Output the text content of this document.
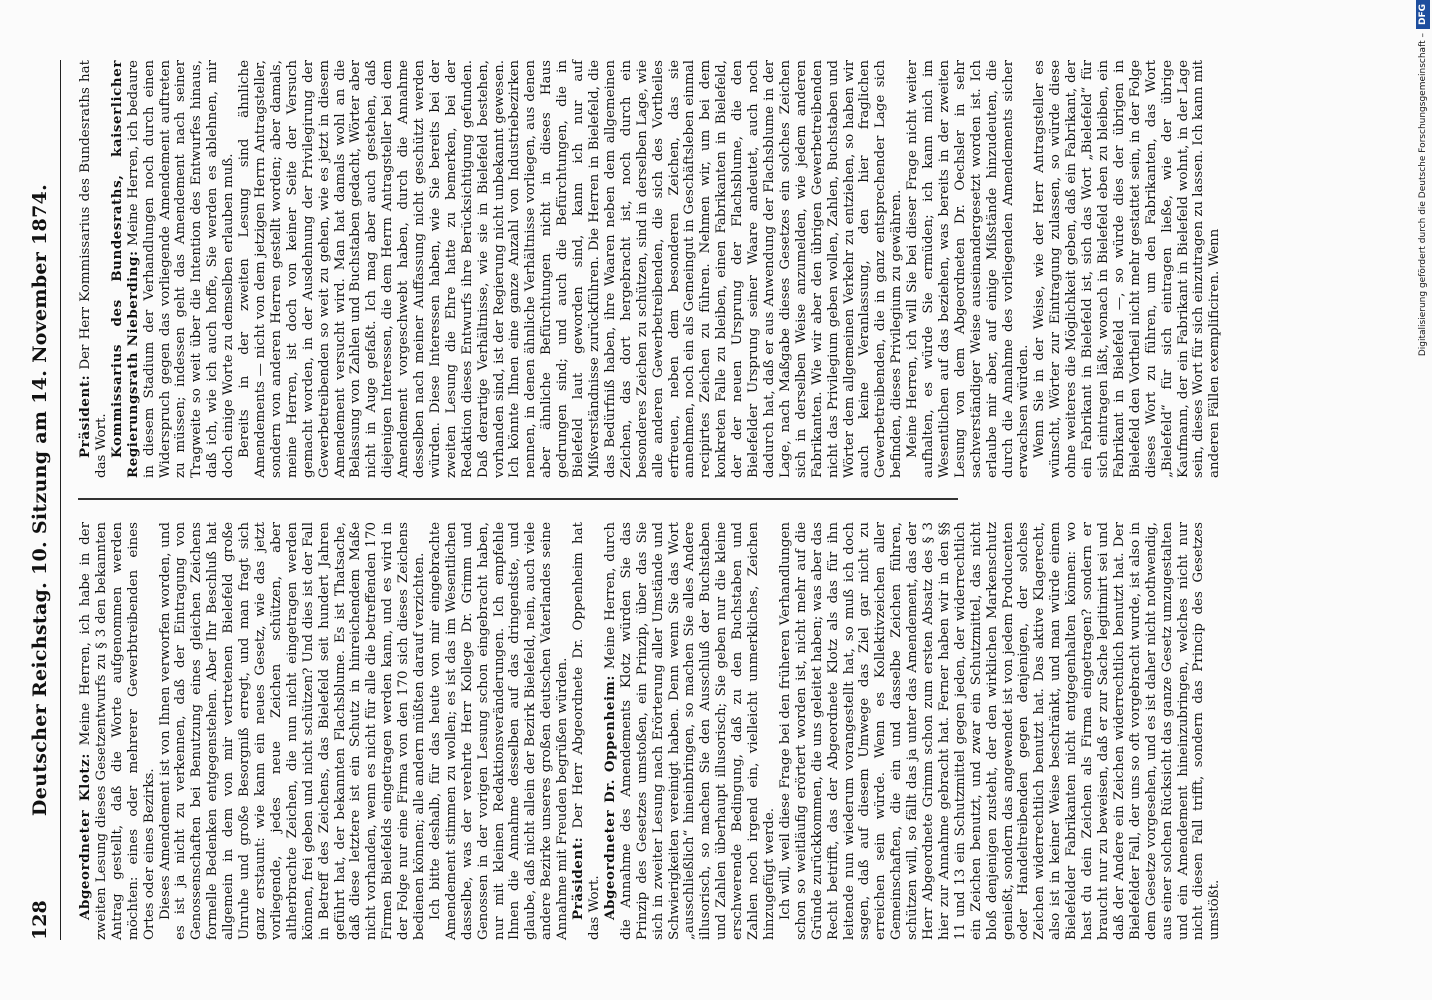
128
Deutscher Reichstag. 10. Sitzung am 14. November 1874.

Abgeordneter Klotz: Meine Herren, ich habe in der zweiten Lesung dieses Gesetzentwurfs zu § 3 den bekannten Antrag gestellt, daß die Worte aufgenommen werden möchten: eines oder mehrerer Gewerbtreibenden eines Ortes oder eines Bezirks. Dieses Amendement ist von Ihnen verworfen worden, und es ist ja nicht zu verkennen, daß der Eintragung von Genossenschaften bei Benutzung eines gleichen Zeichens formelle Bedenken entgegenstehen. Aber Ihr Beschluß hat allgemein in dem von mir vertretenen Bielefeld große Unruhe und große Besorgniß erregt, und man fragt sich ganz erstaunt: wie kann ein neues Gesetz, wie das jetzt vorliegende, jedes neue Zeichen schützen, aber altherbrachte Zeichen, die nun nicht eingetragen werden können, frei geben und nicht schützen? Und dies ist der Fall in Betreff des Zeichens, das Bielefeld seit hundert Jahren geführt hat, der bekannten Flachsblume. Es ist Thatsache, daß diese letztere ist ein Schutz in hinreichendem Maße nicht vorhanden, wenn es nicht für alle die betreffenden 170 Firmen Bielefelds eingetragen werden kann, und es wird in der Folge nur eine Firma von den 170 sich dieses Zeichens bedienen können; alle andern müßten darauf verzichten. Ich bitte deshalb, für das heute von mir eingebrachte Amendement stimmen zu wollen; es ist das im Wesentlichen dasselbe, was der verehrte Herr Kollege Dr. Grimm und Genossen in der vorigen Lesung schon eingebracht haben, nur mit kleinen Redaktionsveränderungen. Ich empfehle Ihnen die Annahme desselben auf das dringendste, und glaube, daß nicht allein der Bezirk Bielefeld, nein, auch viele andere Bezirke unseres großen deutschen Vaterlandes seine Annahme mit Freuden begrüßen würden. Präsident: Der Herr Abgeordnete Dr. Oppenheim hat das Wort. Abgeordneter Dr. Oppenheim: Meine Herren, durch die Annahme des Amendements Klotz würden Sie das Prinzip des Gesetzes umstoßen, ein Prinzip, über das Sie sich in zweiter Lesung nach Erörterung aller Umstände und Schwierigkeiten vereinigt haben. Denn wenn Sie das Wort „ausschließlich“ hineinbringen, so machen Sie alles Andere illusorisch, so machen Sie den Ausschluß der Buchstaben und Zahlen überhaupt illusorisch; Sie geben nur die kleine erschwerende Bedingung, daß zu den Buchstaben und Zahlen noch irgend ein, vielleicht unmerkliches, Zeichen hinzugefügt werde. Ich will, weil diese Frage bei den früheren Verhandlungen schon so weitläufig erörtert worden ist, nicht mehr auf die Gründe zurückkommen, die uns geleitet haben; was aber das Recht betrifft, das der Abgeordnete Klotz als das für ihn leitende nun wiederum vorangestellt hat, so muß ich doch sagen, daß auf diesem Umwege das Ziel gar nicht zu erreichen sein würde. Wenn es Kollektivzeichen aller Gemeinschaften, die ein und dasselbe Zeichen führen, schützen will, so fällt das ja unter das Amendement, das der Herr Abgeordnete Grimm schon zum ersten Absatz des § 3 hier zur Annahme gebracht hat. Ferner haben wir in den §§ 11 und 13 ein Schutzmittel gegen jeden, der widerrechtlich ein Zeichen benutzt, und zwar ein Schutzmittel, das nicht bloß denjenigen zusteht, der den wirklichen Markenschutz genießt, sondern das angewendet ist von jedem Producenten oder Handeltreibenden gegen denjenigen, der solches Zeichen widerrechtlich benutzt hat. Das aktive Klagerecht, also ist in keiner Weise beschränkt, und man würde einem Bielefelder Fabrikanten nicht entgegenhalten können: wo hast du dein Zeichen als Firma eingetragen? sondern er braucht nur zu beweisen, daß er zur Sache legitimirt sei und daß der Andere ein Zeichen widerrechtlich benutzt hat. Der Bielefelder Fall, der uns so oft vorgebracht wurde, ist also in dem Gesetze vorgesehen, und es ist daher nicht nothwendig, aus einer solchen Rücksicht das ganze Gesetz umzugestalten und ein Amendement hineinzubringen, welches nicht nur nicht diesen Fall trifft, sondern das Princip des Gesetzes umstößt.

Präsident: Der Herr Kommissarius des Bundesraths hat das Wort. Kommissarius des Bundesraths, kaiserlicher Regierungsrath Nieberding: Meine Herren, ich bedaure in diesem Stadium der Verhandlungen noch durch einen Widerspruch gegen das vorliegende Amendement auftreten zu müssen; indessen geht das Amendement nach seiner Tragweite so weit über die Intention des Entwurfes hinaus, daß ich, wie ich auch hoffe, Sie werden es ablehnen, mir doch einige Worte zu demselben erlauben muß. Bereits in der zweiten Lesung sind ähnliche Amendements — nicht von dem jetzigen Herrn Antragsteller, sondern von anderen Herren gestellt worden; aber damals, meine Herren, ist doch von keiner Seite der Versuch gemacht worden, in der Ausdehnung der Privilegirung der Gewerbetreibenden so weit zu gehen, wie es jetzt in diesem Amendement versucht wird. Man hat damals wohl an die Belassung von Zahlen und Buchstaben gedacht, Wörter aber nicht in Auge gefaßt. Ich mag aber auch gestehen, daß diejenigen Interessen, die dem Herrn Antragsteller bei dem Amendement vorgeschwebt haben, durch die Annahme desselben nach meiner Auffassung nicht geschützt werden würden. Diese Interessen haben, wie Sie bereits bei der zweiten Lesung die Ehre hatte zu bemerken, bei der Redaktion dieses Entwurfs ihre Berücksichtigung gefunden. Daß derartige Verhältnisse, wie sie in Bielefeld bestehen, vorhanden sind, ist der Regierung nicht unbekannt gewesen. Ich könnte Ihnen eine ganze Anzahl von Industriebezirken nennen, in denen ähnliche Verhältnisse vorliegen, aus denen aber ähnliche Befürchtungen nicht in dieses Haus gedrungen sind; und auch die Befürchtungen, die in Bielefeld laut geworden sind, kann ich nur auf Mißverständnisse zurückführen. Die Herren in Bielefeld, die das Bedürfniß haben, ihre Waaren neben dem allgemeinen Zeichen, das dort hergebracht ist, noch durch ein besonderes Zeichen zu schützen, sind in derselben Lage, wie alle anderen Gewerbetreibenden, die sich des Vortheiles erfreuen, neben dem besonderen Zeichen, das sie annehmen, noch ein als Gemeingut in Geschäftsleben einmal recipirtes Zeichen zu führen. Nehmen wir, um bei dem konkreten Falle zu bleiben, einen Fabrikanten in Bielefeld, der der neuen Ursprung der Flachsblume, die den Bielefelder Ursprung seiner Waare andeutet, auch noch dadurch hat, daß er aus Anwendung der Flachsblume in der Lage, nach Maßgabe dieses Gesetzes ein solches Zeichen sich in derselben Weise anzumelden, wie jedem anderen Fabrikanten. Wie wir aber den übrigen Gewerbetreibenden nicht das Privilegium geben wollen, Zahlen, Buchstaben und Wörter dem allgemeinen Verkehr zu entziehen, so haben wir auch keine Veranlassung, den hier fraglichen Gewerbetreibenden, die in ganz entsprechender Lage sich befinden, dieses Privilegium zu gewähren. Meine Herren, ich will Sie bei dieser Frage nicht weiter aufhalten, es würde Sie ermüden; ich kann mich im Wesentlichen auf das beziehen, was bereits in der zweiten Lesung von dem Abgeordneten Dr. Oechsler in sehr sachverständiger Weise auseinandergesetzt worden ist. Ich erlaube mir aber, auf einige Mißstände hinzudeuten, die durch die Annahme des vorliegenden Amendements sicher erwachsen würden. Wenn Sie in der Weise, wie der Herr Antragsteller es wünscht, Wörter zur Eintragung zulassen, so würde diese ohne weiteres die Möglichkeit geben, daß ein Fabrikant, der ein Fabrikant in Bielefeld ist, sich das Wort „Bielefeld“ für sich eintragen läßt, wonach in Bielefeld eben zu bleiben, ein Fabrikant in Bielefeld —, so würde dies der übrigen in Bielefeld den Vortheil nicht mehr gestattet sein, in der Folge dieses Wort zu führen, um den Fabrikanten, das Wort „Bielefeld“ für sich eintragen ließe, wie der übrige Kaufmann, der ein Fabrikant in Bielefeld wohnt, in der Lage sein, dieses Wort für sich einzutragen zu lassen. Ich kann mit anderen Fällen exemplificiren. Wenn	Digitalisierung gefördert durch die Deutsche Forschungsgemeinschaft –DFG
